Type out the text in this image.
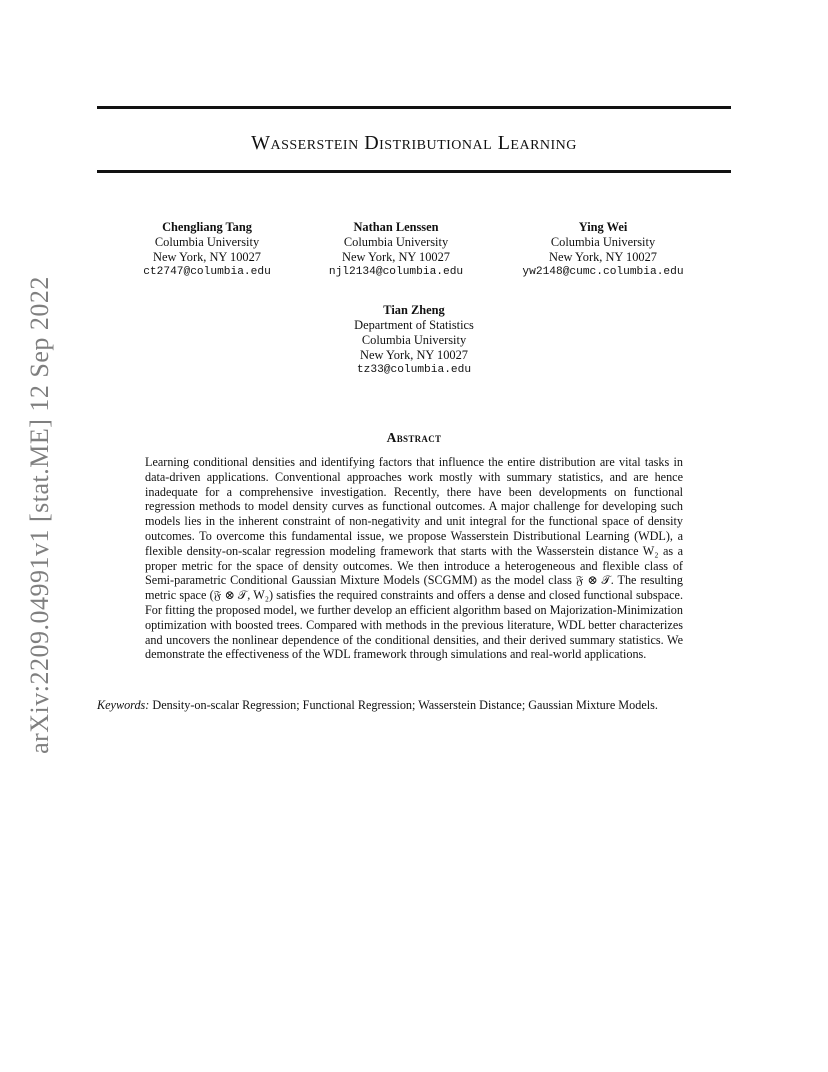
arXiv:2209.04991v1 [stat.ME] 12 Sep 2022
Wasserstein Distributional Learning
Chengliang Tang
Columbia University
New York, NY 10027
ct2747@columbia.edu
Nathan Lenssen
Columbia University
New York, NY 10027
njl2134@columbia.edu
Ying Wei
Columbia University
New York, NY 10027
yw2148@cumc.columbia.edu
Tian Zheng
Department of Statistics
Columbia University
New York, NY 10027
tz33@columbia.edu
Abstract

Learning conditional densities and identifying factors that influence the entire distribution are vital tasks in data-driven applications. Conventional approaches work mostly with summary statistics, and are hence inadequate for a comprehensive investigation. Recently, there have been developments on functional regression methods to model density curves as functional outcomes. A major challenge for developing such models lies in the inherent constraint of non-negativity and unit integral for the functional space of density outcomes. To overcome this fundamental issue, we propose Wasserstein Distributional Learning (WDL), a flexible density-on-scalar regression modeling framework that starts with the Wasserstein distance W₂ as a proper metric for the space of density outcomes. We then introduce a heterogeneous and flexible class of Semi-parametric Conditional Gaussian Mixture Models (SCGMM) as the model class 𝔉 ⊗ 𝒯. The resulting metric space (𝔉 ⊗ 𝒯, W₂) satisfies the required constraints and offers a dense and closed functional subspace. For fitting the proposed model, we further develop an efficient algorithm based on Majorization-Minimization optimization with boosted trees. Compared with methods in the previous literature, WDL better characterizes and uncovers the nonlinear dependence of the conditional densities, and their derived summary statistics. We demonstrate the effectiveness of the WDL framework through simulations and real-world applications.

Keywords: Density-on-scalar Regression; Functional Regression; Wasserstein Distance; Gaussian Mixture Models.
